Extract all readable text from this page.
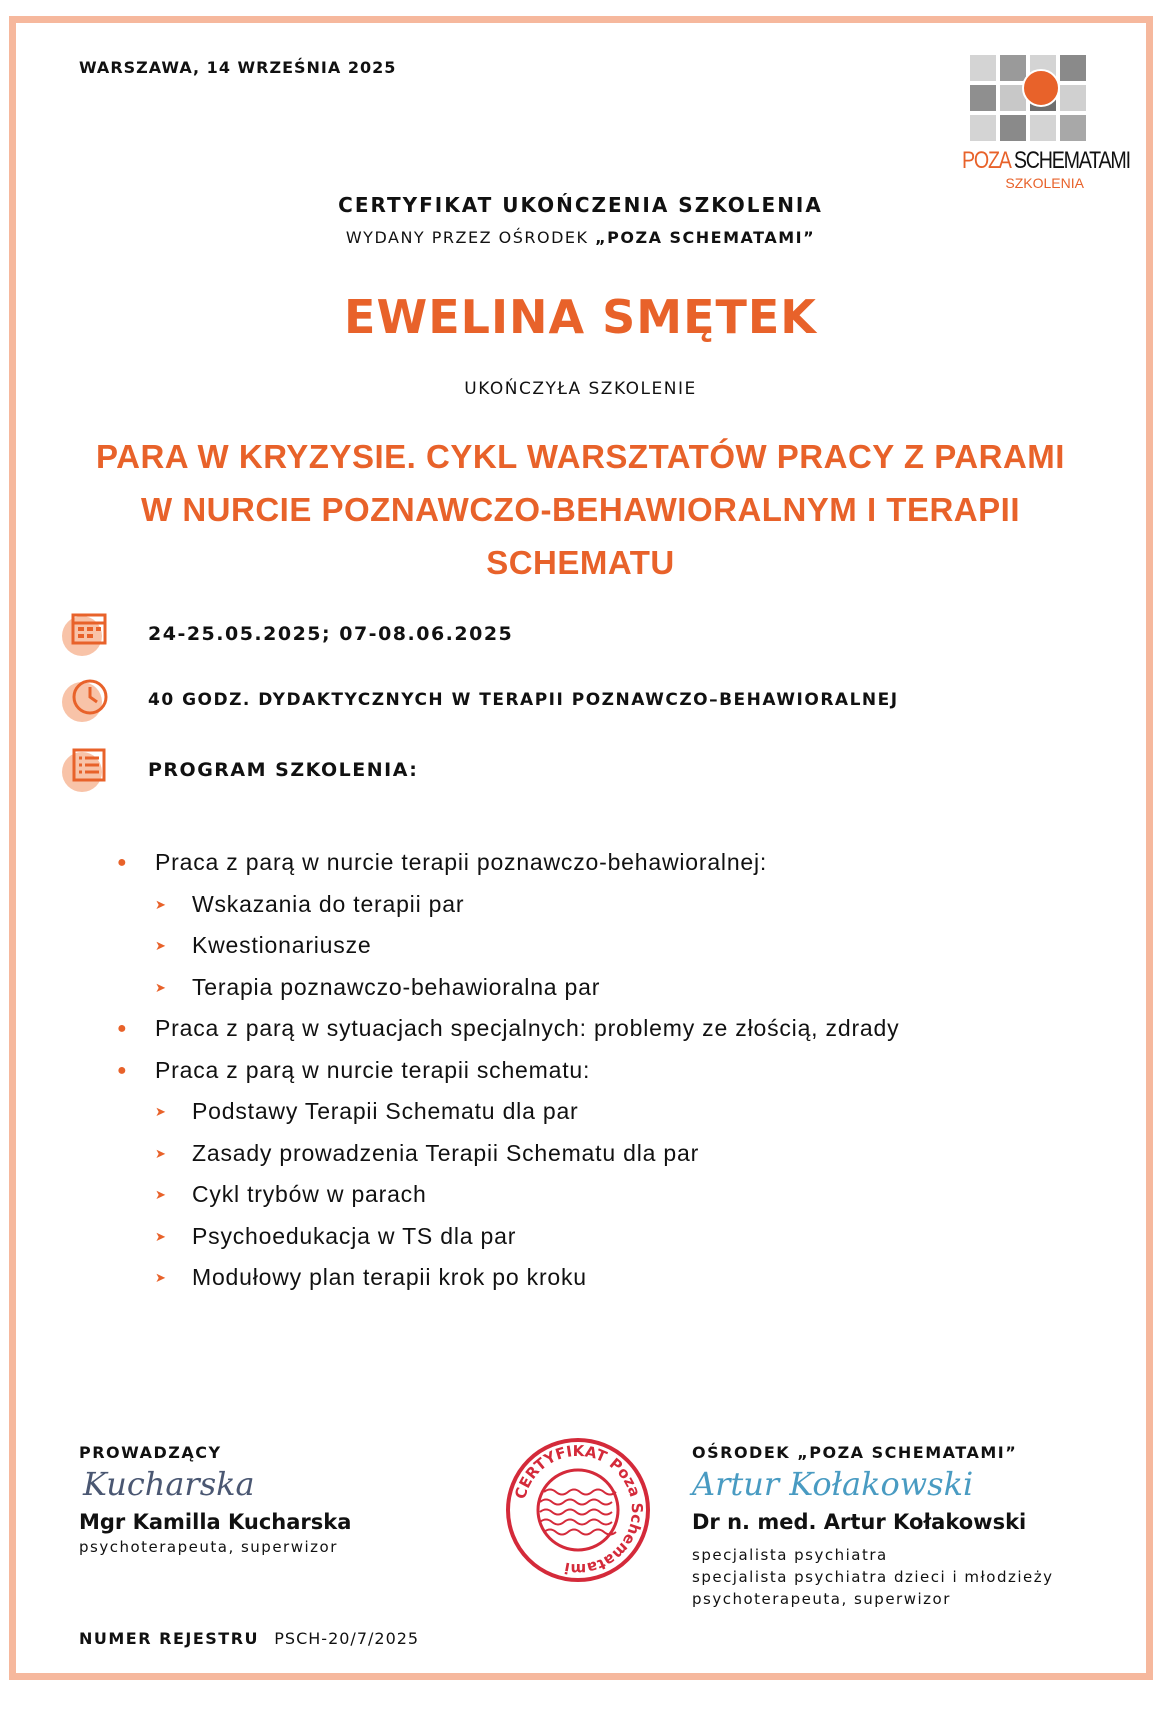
WARSZAWA, 14 WRZEŚNIA 2025
POZA SCHEMATAMI
SZKOLENIA
CERTYFIKAT UKOŃCZENIA SZKOLENIA
WYDANY PRZEZ OŚRODEK „POZA SCHEMATAMI”
EWELINA SMĘTEK
UKOŃCZYŁA SZKOLENIE
PARA W KRYZYSIE. CYKL WARSZTATÓW PRACY Z PARAMI W NURCIE POZNAWCZO-BEHAWIORALNYM I TERAPII SCHEMATU
24-25.05.2025; 07-08.06.2025
40 GODZ. DYDAKTYCZNYCH W TERAPII POZNAWCZO–BEHAWIORALNEJ
PROGRAM SZKOLENIA:
●	Praca z parą w nurcie terapii poznawczo-behawioralnej:
➤	Wskazania do terapii par
➤	Kwestionariusze
➤	Terapia poznawczo-behawioralna par
●	Praca z parą w sytuacjach specjalnych: problemy ze złością, zdrady
●	Praca z parą w nurcie terapii schematu:
➤	Podstawy Terapii Schematu dla par
➤	Zasady prowadzenia Terapii Schematu dla par
➤	Cykl trybów w parach
➤	Psychoedukacja w TS dla par
➤	Modułowy plan terapii krok po kroku
PROWADZĄCY
Kucharska
Mgr Kamilla Kucharska
psychoterapeuta, superwizor
CERTYFIKAT Poza Schematami
OŚRODEK „POZA SCHEMATAMI”
Artur Kołakowski
Dr n. med. Artur Kołakowski
specjalista psychiatra
specjalista psychiatra dzieci i młodzieży
psychoterapeuta, superwizor
NUMER REJESTRU PSCH-20/7/2025
